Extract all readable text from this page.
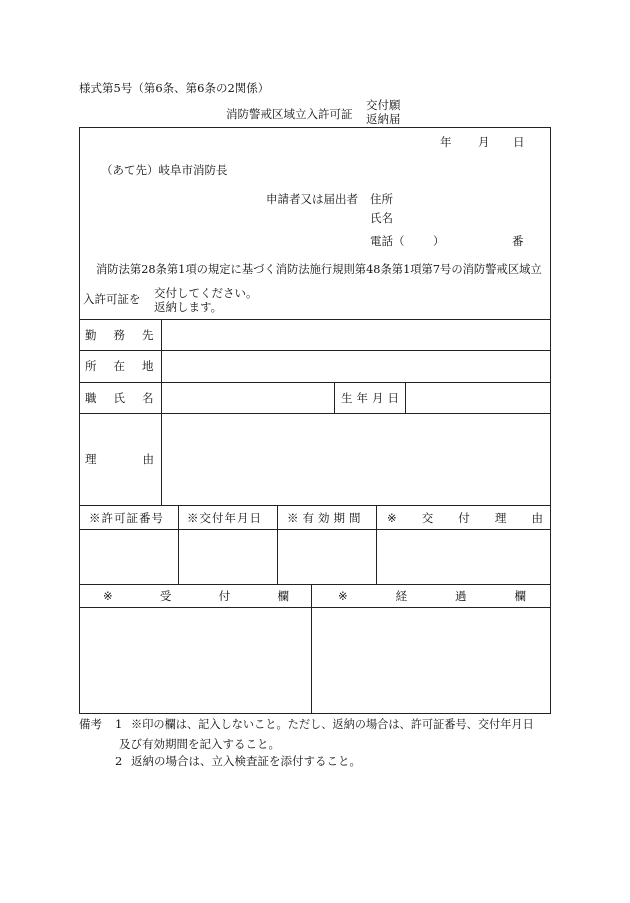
様式第5号（第6条、第6条の2関係）
消防警戒区域立入許可証
交付願
返納届
年 月 日
（あて先）岐阜市消防長
申請者又は届出者 住所
氏名
電話（ ）	番
消防法第28条第1項の規定に基づく消防法施行規則第48条第1項第7号の消防警戒区域立
入許可証を 交付してください。
返納します。
勤務先
所在地
職氏名	生年月日
理由
※許可証番号 ※交付年月日 ※有効期間 ※ 交 付 理 由
※	受	付	欄	※	経	過	欄
備考 1 ※印の欄は、記入しないこと。ただし、返納の場合は、許可証番号、交付年月日
及び有効期間を記入すること。
2 返納の場合は、立入検査証を添付すること。
